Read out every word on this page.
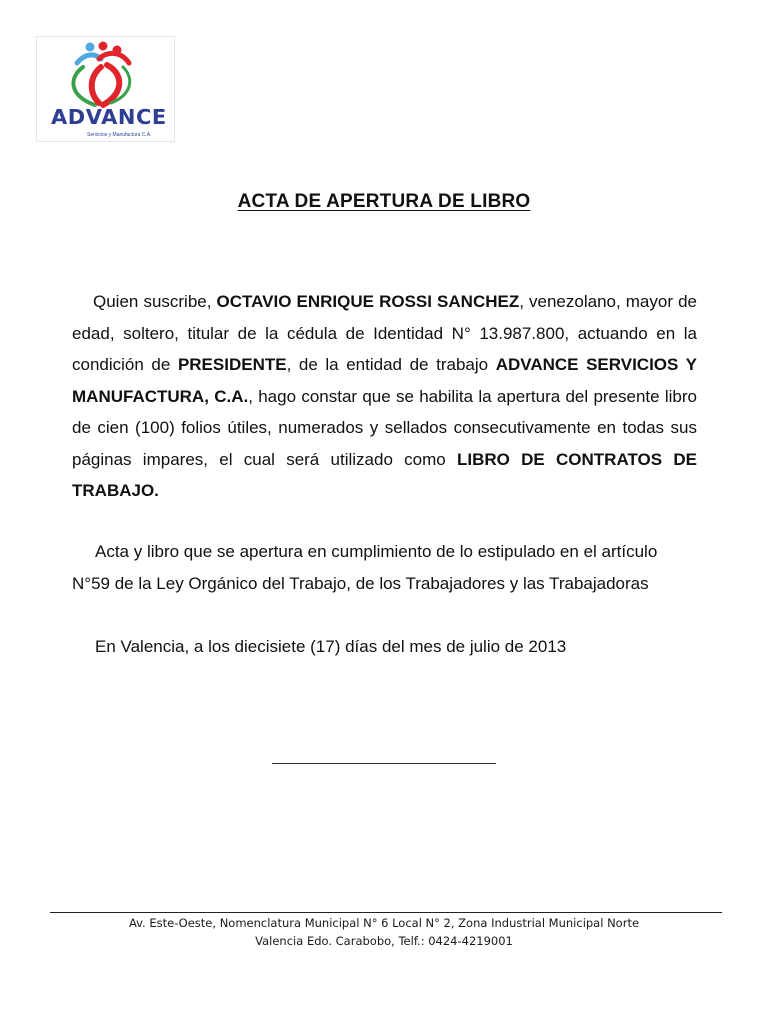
ADVANCE
Servicios y Manufactura C.A.
ACTA DE APERTURA DE LIBRO

Quien suscribe, OCTAVIO ENRIQUE ROSSI SANCHEZ, venezolano, mayor de edad, soltero, titular de la cédula de Identidad N° 13.987.800, actuando en la condición de PRESIDENTE, de la entidad de trabajo ADVANCE SERVICIOS Y MANUFACTURA, C.A., hago constar que se habilita la apertura del presente libro de cien (100) folios útiles, numerados y sellados consecutivamente en todas sus páginas impares, el cual será utilizado como LIBRO DE CONTRATOS DE TRABAJO.

Acta y libro que se apertura en cumplimiento de lo estipulado en el artículo N°59 de la Ley Orgánico del Trabajo, de los Trabajadores y las Trabajadoras

En Valencia, a los diecisiete (17) días del mes de julio de 2013

Av. Este-Oeste, Nomenclatura Municipal N° 6 Local N° 2, Zona Industrial Municipal Norte
Valencia Edo. Carabobo, Telf.: 0424-4219001
